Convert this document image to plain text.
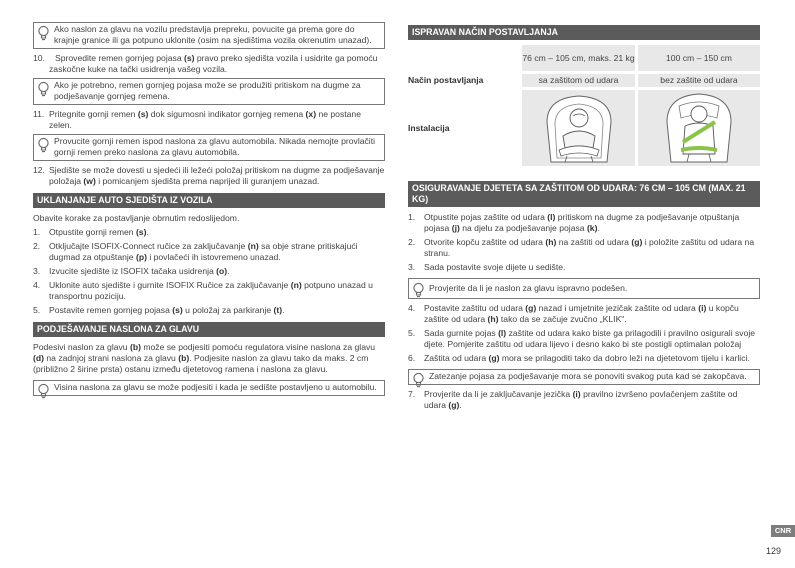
Ako naslon za glavu na vozilu predstavlja prepreku, povucite ga prema gore do krajnje granice ili ga potpuno uklonite (osim na sjedištima vozila okrenutim unazad).
10. Sprovedite remen gornjeg pojasa (s) pravo preko sjedišta vozila i usidrite ga pomoću zaskočne kuke na tački usidrenja vašeg vozila.
Ako je potrebno, remen gornjeg pojasa može se produžiti pritiskom na dugme za podješavanje gornjeg remena.
11. Pritegnite gornji remen (s) dok sigumosni indikator gornjeg remena (x) ne postane zelen.
Provucite gornji remen ispod naslona za glavu automobila. Nikada nemojte provlačiti gornji remen preko naslona za glavu automobila.
12. Sjedište se može dovesti u sjedeći ili ležeći položaj pritiskom na dugme za podješavanje položaja (w) i pomicanjem sjedišta prema naprijed ili guranjem unazad.
UKLANJANJE AUTO SJEDIŠTA IZ VOZILA

Obavite korake za postavljanje obrnutim redoslijedom.

1. Otpustite gornji remen (s).
2. Otključajte ISOFIX-Connect ručice za zaključavanje (n) sa obje strane pritiskajući dugmad za otpuštanje (p) i povlačeći ih istovremeno unazad.
3. Izvucite sjedište iz ISOFIX tačaka usidrenja (o).
4. Uklonite auto sjedište i gurnite ISOFIX Ručice za zaključavanje (n) potpuno unazad u transportnu poziciju.
5. Postavite remen gornjeg pojasa (s) u položaj za parkiranje (t).
PODJEŠAVANJE NASLONA ZA GLAVU

Podesivi naslon za glavu (b) može se podjesiti pomoću regulatora visine naslona za glavu (d) na zadnjoj strani naslona za glavu (b). Podjesite naslon za glavu tako da maks. 2 cm (približno 2 širine prsta) ostanu između djetetovog ramena i naslona za glavu.

Visina naslona za glavu se može podjesiti i kada je sedište postavljeno u automobilu.
ISPRAVAN NAČIN POSTAVLJANJA
		76 cm – 105 cm, maks. 21 kg		100 cm – 150 cm

Način postavljanja		sa zaštitom od udara		bez zaštite od udara

Instalacija		

OSIGURAVANJE DJETETA SA ZAŠTITOM OD UDARA: 76 CM – 105 CM (MAX. 21 KG)
1. Otpustite pojas zaštite od udara (l) pritiskom na dugme za podješavanje otpuštanja pojasa (j) na djelu za podješavanje pojasa (k).
2. Otvorite kopču zaštite od udara (h) na zaštiti od udara (g) i položite zaštitu od udara na stranu.
3. Sada postavite svoje dijete u sedište.
Provjerite da li je naslon za glavu ispravno podešen.
4. Postavite zaštitu od udara (g) nazad i umjetnite jezičak zaštite od udara (i) u kopču zaštite od udara (h) tako da se začuje zvučno „KLIK".
5. Sada gurnite pojas (l) zaštite od udara kako biste ga prilagodili i pravilno osigurali svoje djete. Pomjerite zaštitu od udara lijevo i desno kako bi ste postigli optimalan položaj
6. Zaštita od udara (g) mora se prilagoditi tako da dobro leži na djetetovom tijelu i karlici.
Zatezanje pojasa za podješavanje mora se ponoviti svakog puta kad se zakopčava.
7. Provjerite da li je zaključavanje jezička (i) pravilno izvršeno povlačenjem zaštite od udara (g).
CNR
129
